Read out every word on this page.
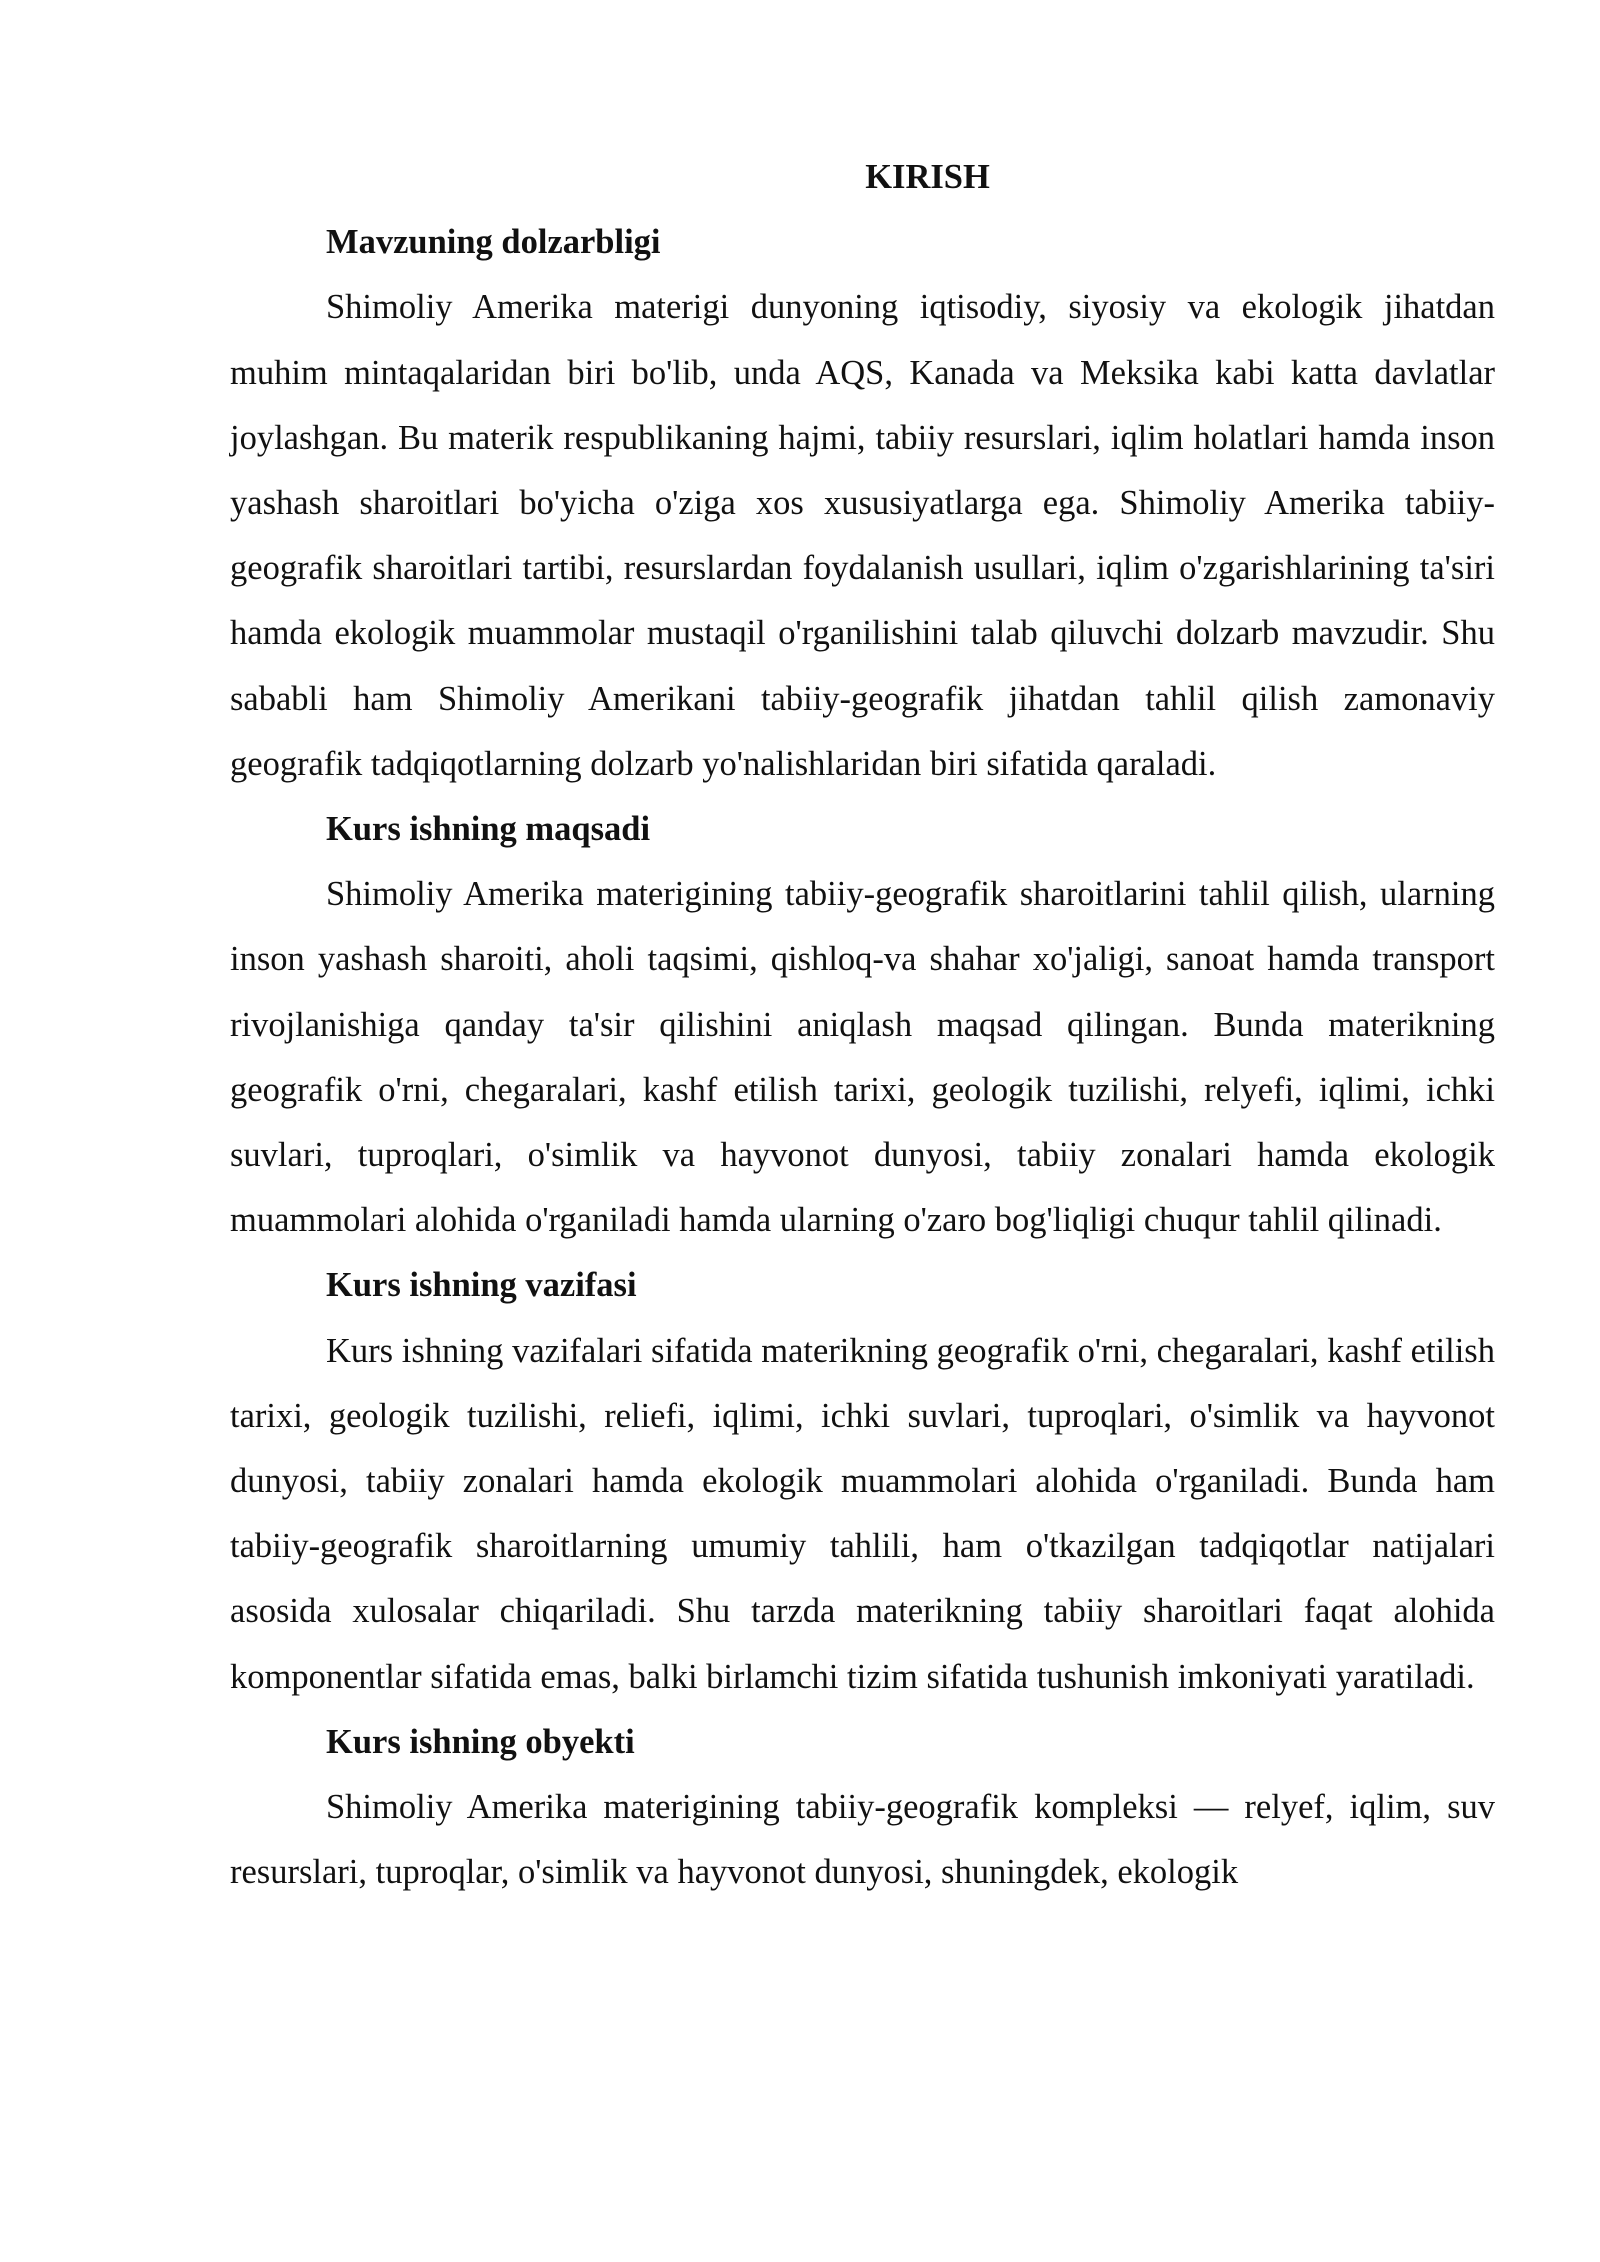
KIRISH

Mavzuning dolzarbligi

Shimoliy Amerika materigi dunyoning iqtisodiy, siyosiy va ekologik jihatdan muhim mintaqalaridan biri bo'lib, unda AQS, Kanada va Meksika kabi katta davlatlar joylashgan. Bu materik respublikaning hajmi, tabiiy resurslari, iqlim holatlari hamda inson yashash sharoitlari bo'yicha o'ziga xos xususiyatlarga ega. Shimoliy Amerika tabiiy-geografik sharoitlari tartibi, resurslardan foydalanish usullari, iqlim o'zgarishlarining ta'siri hamda ekologik muammolar mustaqil o'rganilishini talab qiluvchi dolzarb mavzudir. Shu sababli ham Shimoliy Amerikani tabiiy-geografik jihatdan tahlil qilish zamonaviy geografik tadqiqotlarning dolzarb yo'nalishlaridan biri sifatida qaraladi.

Kurs ishning maqsadi

Shimoliy Amerika materigining tabiiy-geografik sharoitlarini tahlil qilish, ularning inson yashash sharoiti, aholi taqsimi, qishloq-va shahar xo'jaligi, sanoat hamda transport rivojlanishiga qanday ta'sir qilishini aniqlash maqsad qilingan. Bunda materikning geografik o'rni, chegaralari, kashf etilish tarixi, geologik tuzilishi, relyefi, iqlimi, ichki suvlari, tuproqlari, o'simlik va hayvonot dunyosi, tabiiy zonalari hamda ekologik muammolari alohida o'rganiladi hamda ularning o'zaro bog'liqligi chuqur tahlil qilinadi.

Kurs ishning vazifasi

Kurs ishning vazifalari sifatida materikning geografik o'rni, chegaralari, kashf etilish tarixi, geologik tuzilishi, reliefi, iqlimi, ichki suvlari, tuproqlari, o'simlik va hayvonot dunyosi, tabiiy zonalari hamda ekologik muammolari alohida o'rganiladi. Bunda ham tabiiy-geografik sharoitlarning umumiy tahlili, ham o'tkazilgan tadqiqotlar natijalari asosida xulosalar chiqariladi. Shu tarzda materikning tabiiy sharoitlari faqat alohida komponentlar sifatida emas, balki birlamchi tizim sifatida tushunish imkoniyati yaratiladi.

Kurs ishning obyekti

Shimoliy Amerika materigining tabiiy-geografik kompleksi — relyef, iqlim, suv resurslari, tuproqlar, o'simlik va hayvonot dunyosi, shuningdek, ekologik
